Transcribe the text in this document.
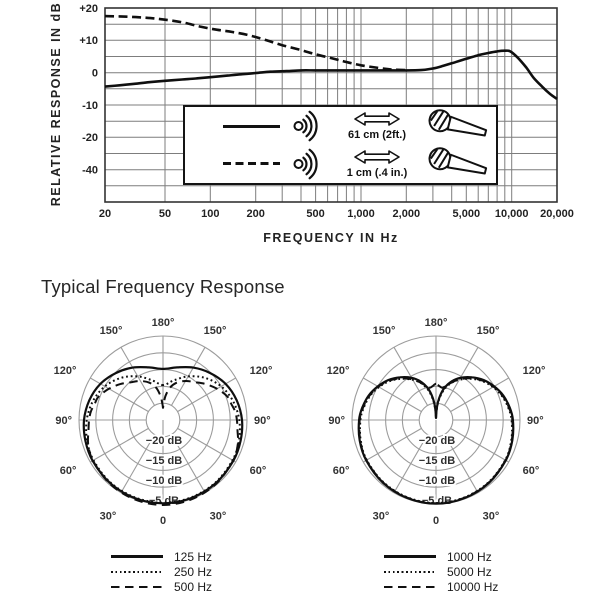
+20
+10
0
-10
-20
-40
20	50	100 200	500 1,000 2,000	5,000 10,000 20,000
180°
150°	150°
120°	120°
60°	60°
30°	30°
90°	90°
0
−20 dB
−15 dB
−10 dB
−5 dB
180°
150°	150°
120°	120°
60°	60°
30°	30°
90°	90°
0
−20 dB
−15 dB
−10 dB
−5 dB
RELATIVE RESPONSE IN dB
FREQUENCY IN Hz
61 cm (2ft.)
1 cm (.4 in.)
Typical Frequency Response
125 Hz
250 Hz
500 Hz
1000 Hz
5000 Hz
10000 Hz
